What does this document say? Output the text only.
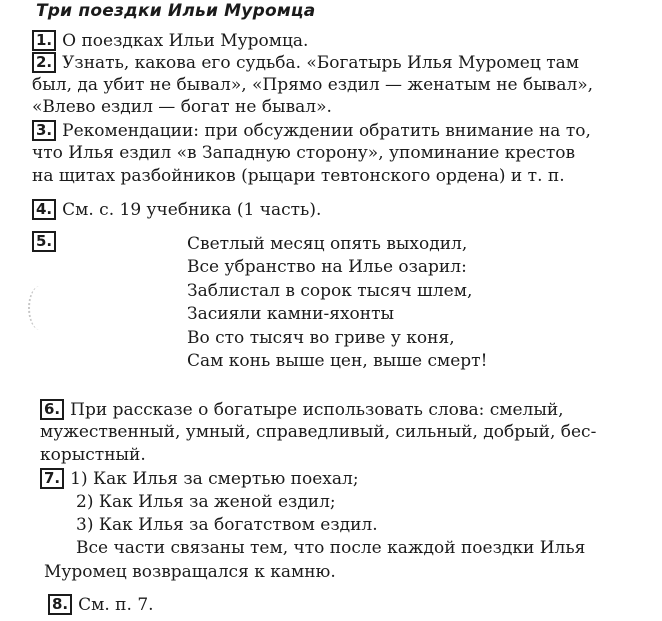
Три поездки Ильи Муромца
1. О поездках Ильи Муромца.
2. Узнать, какова его судьба. «Богатырь Илья Муромец там
был, да убит не бывал», «Прямо ездил — женатым не бывал»,
«Влево ездил — богат не бывал».
3. Рекомендации: при обсуждении обратить внимание на то,
что Илья ездил «в Западную сторону», упоминание крестов
на щитах разбойников (рыцари тевтонского ордена) и т. п.
4. См. с. 19 учебника (1 часть).
5.	Светлый месяц опять выходил,
Все убранство на Илье озарил:
Заблистал в сорок тысяч шлем,
Засияли камни-яхонты
Во сто тысяч во гриве у коня,
Сам конь выше цен, выше смерт!
6. При рассказе о богатыре использовать слова: смелый,
мужественный, умный, справедливый, сильный, добрый, бес-
корыстный.
7. 1) Как Илья за смертью поехал;
2) Как Илья за женой ездил;
3) Как Илья за богатством ездил.
Все части связаны тем, что после каждой поездки Илья
Муромец возвращался к камню.
8. См. п. 7.
